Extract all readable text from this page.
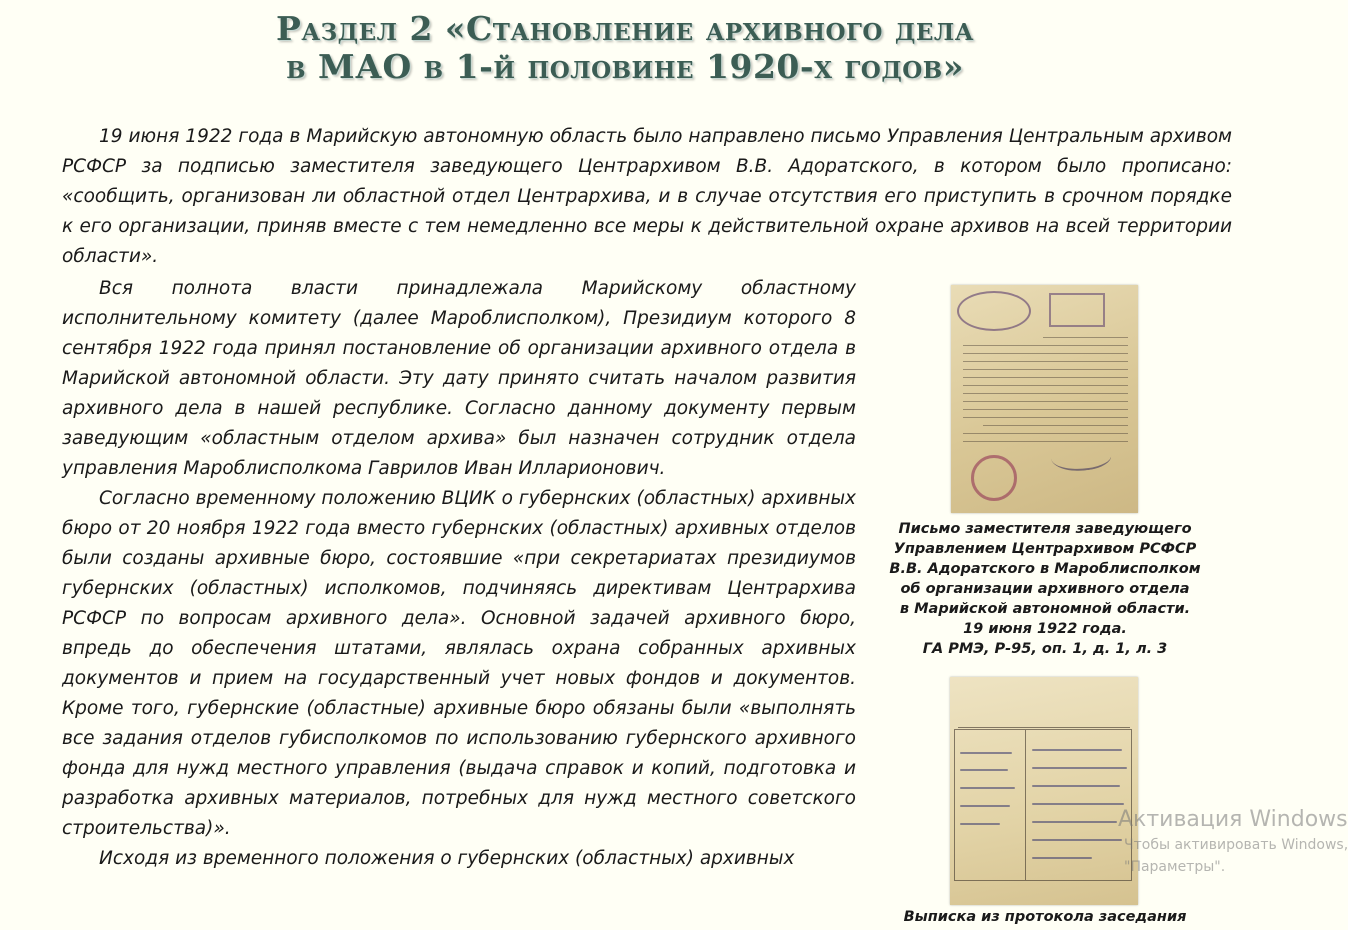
Раздел 2 «Становление архивного дела
в МАО в 1-й половине 1920-х годов»

19 июня 1922 года в Марийскую автономную область было направлено письмо Управления Центральным архивом РСФСР за подписью заместителя заведующего Центрархивом В.В. Адоратского, в котором было прописано: «сообщить, организован ли областной отдел Центрархива, и в случае отсутствия его приступить в срочном порядке к его организации, приняв вместе с тем немедленно все меры к действительной охране архивов на всей территории области».

Вся полнота власти принадлежала Марийскому областному исполнительному комитету (далее Мароблисполком), Президиум которого 8 сентября 1922 года принял постановление об организации архивного отдела в Марийской автономной области. Эту дату принято считать началом развития архивного дела в нашей республике. Согласно данному документу первым заведующим «областным отделом архива» был назначен сотрудник отдела управления Мароблисполкома Гаврилов Иван Илларионович.

Согласно временному положению ВЦИК о губернских (областных) архивных бюро от 20 ноября 1922 года вместо губернских (областных) архивных отделов были созданы архивные бюро, состоявшие «при секретариатах президиумов губернских (областных) исполкомов, подчиняясь директивам Центрархива РСФСР по вопросам архивного дела». Основной задачей архивного бюро, впредь до обеспечения штатами, являлась охрана собранных архивных документов и прием на государственный учет новых фондов и документов. Кроме того, губернские (областные) архивные бюро обязаны были «выполнять все задания отделов губисполкомов по использованию губернского архивного фонда для нужд местного управления (выдача справок и копий, подготовка и разработка архивных материалов, потребных для нужд местного советского строительства)».

Исходя из временного положения о губернских (областных) архивных

Письмо заместителя заведующего
Управлением Центрархивом РСФСР
В.В. Адоратского в Мароблисполком
об организации архивного отдела
в Марийской автономной области.
19 июня 1922 года.
ГА РМЭ, Р-95, оп. 1, д. 1, л. 3
Выписка из протокола заседания
Активация Windows
Чтобы активировать Windows,
"Параметры".
